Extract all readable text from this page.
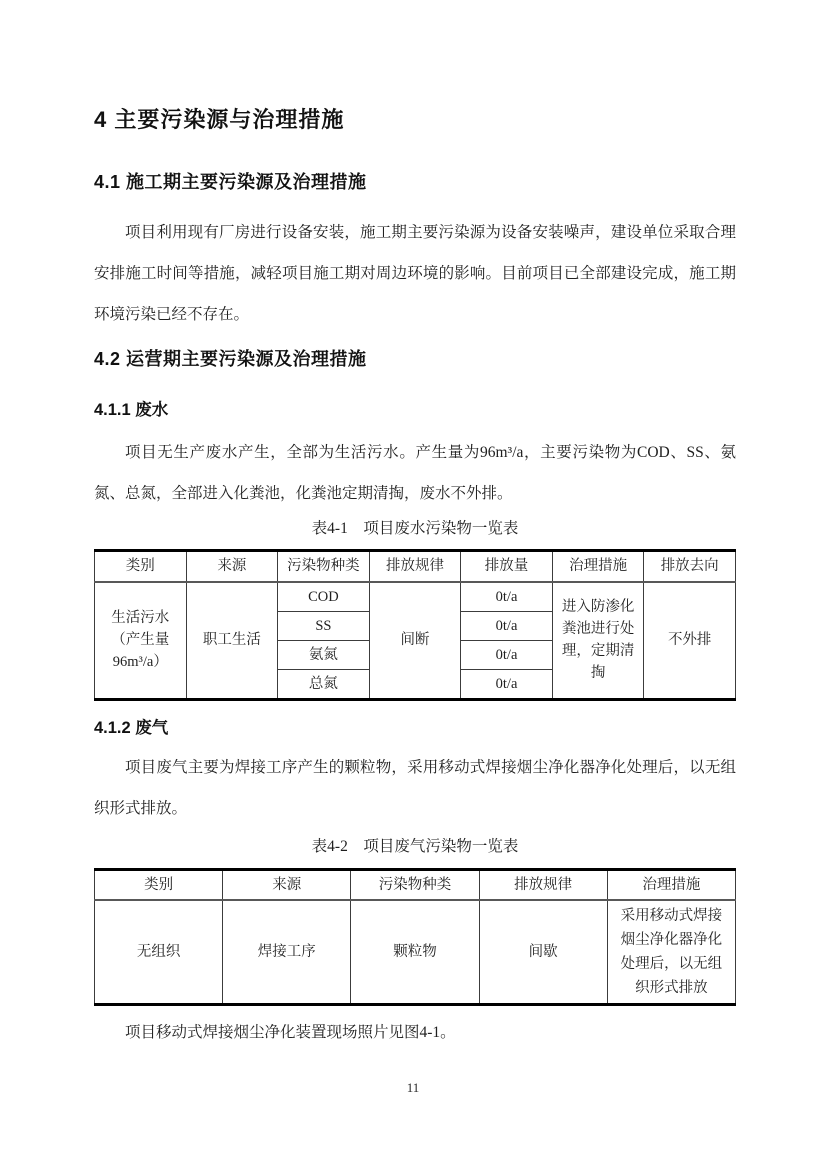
4 主要污染源与治理措施
4.1 施工期主要污染源及治理措施

项目利用现有厂房进行设备安装，施工期主要污染源为设备安装噪声，建设单位采取合理安排施工时间等措施，减轻项目施工期对周边环境的影响。目前项目已全部建设完成，施工期环境污染已经不存在。

4.2 运营期主要污染源及治理措施
4.1.1 废水

项目无生产废水产生，全部为生活污水。产生量为96m³/a，主要污染物为COD、SS、氨氮、总氮，全部进入化粪池，化粪池定期清掏，废水不外排。

表4-1　项目废水污染物一览表

类别	来源	污染物种类	排放规律	排放量	治理措施	排放去向
生活污水（产生量96m³/a）	职工生活	COD	间断	0t/a	进入防渗化粪池进行处理，定期清掏	不外排
		SS		0t/a		
		氨氮		0t/a		
		总氮		0t/a		
4.1.2 废气

项目废气主要为焊接工序产生的颗粒物，采用移动式焊接烟尘净化器净化处理后，以无组织形式排放。

表4-2　项目废气污染物一览表

类别	来源	污染物种类	排放规律	治理措施
无组织	焊接工序	颗粒物	间歇	采用移动式焊接烟尘净化器净化处理后，以无组织形式排放

项目移动式焊接烟尘净化装置现场照片见图4-1。

11
